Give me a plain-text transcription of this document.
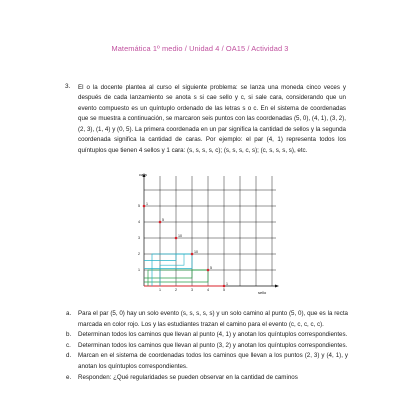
Matemática 1º medio / Unidad 4 / OA15 / Actividad 3
3. El o la docente plantea al curso el siguiente problema: se lanza una moneda cinco veces y después de cada lanzamiento se anota s si cae sello y c, si sale cara, considerando que un evento compuesto es un quíntuplo ordenado de las letras s o c. En el sistema de coordenadas que se muestra a continuación, se marcaron seis puntos con las coordenadas (5, 0), (4, 1), (3, 2), (2, 3), (1, 4) y (0, 5). La primera coordenada en un par significa la cantidad de sellos y la segunda coordenada significa la cantidad de caras. Por ejemplo: el par (4, 1) representa todos los quíntuplos que tienen 4 sellos y 1 cara: (s, s, s, s, c); (s, s, s, c, s); (c, s, s, s, s), etc.
1
5
10
10
5
1
5
4
3
2
1
1	2	3	4	5
cara
sello
a. Para el par (5, 0) hay un solo evento (s, s, s, s, s) y un solo camino al punto (5, 0), que es la recta marcada en color rojo. Los y las estudiantes trazan el camino para el evento (c, c, c, c, c).
b. Determinan todos los caminos que llevan al punto (4, 1) y anotan los quíntuplos correspondientes.
c. Determinan todos los caminos que llevan al punto (3, 2) y anotan los quíntuplos correspondientes.
d. Marcan en el sistema de coordenadas todos los caminos que llevan a los puntos (2, 3) y (4, 1), y anotan los quíntuplos correspondientes.
e. Responden: ¿Qué regularidades se pueden observar en la cantidad de caminos
